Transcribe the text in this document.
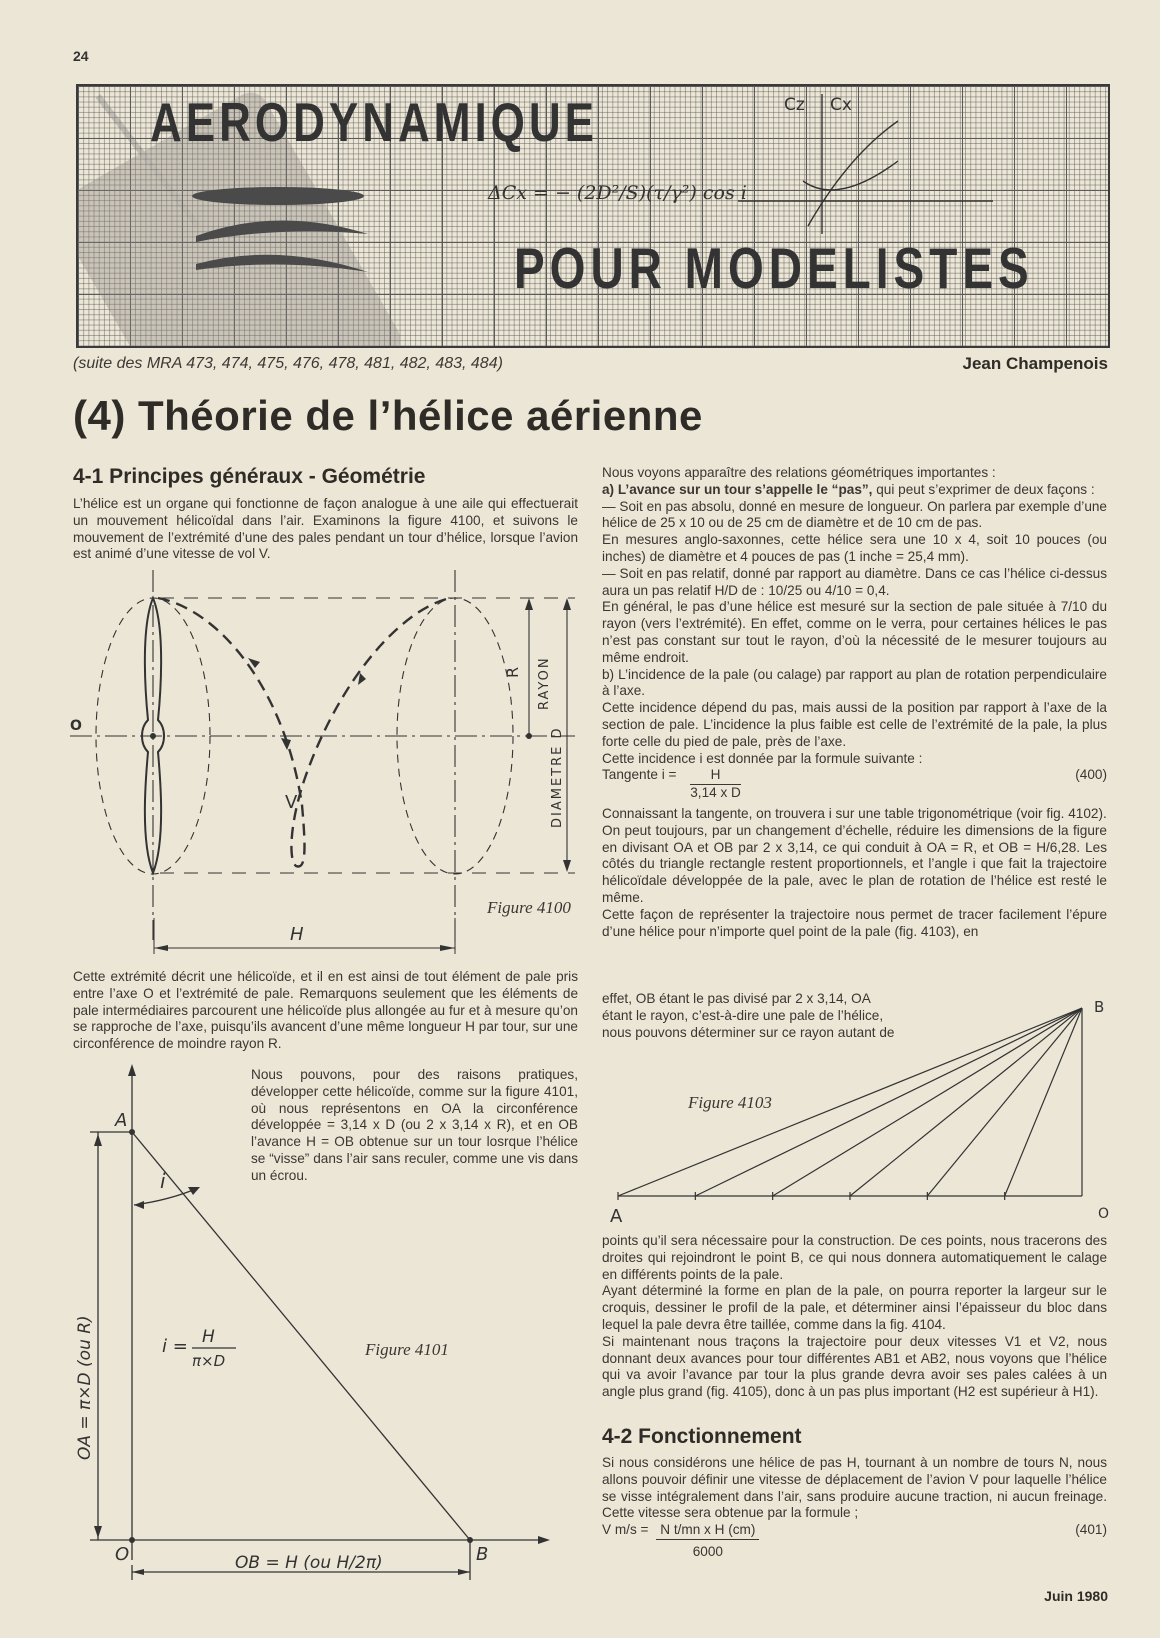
24
AERODYNAMIQUE
POUR MODELISTES
ΔCx = − (2D²/S)(τ/γ²) cos i
Cz Cx
(suite des MRA 473, 474, 475, 476, 478, 481, 482, 483, 484)	Jean Champenois
(4) Théorie de l’hélice aérienne
4-1 Principes généraux - Géométrie
L’hélice est un organe qui fonctionne de façon analogue à une aile qui effectuerait un mouvement hélicoïdal dans l’air. Examinons la figure 4100, et suivons le mouvement de l’extrémité d’une des pales pendant un tour d’hélice, lorsque l’avion est animé d’une vitesse de vol V.
O
V
R RAYON
DIAMETRE D
Figure 4100
H
Cette extrémité décrit une hélicoïde, et il en est ainsi de tout élément de pale pris entre l’axe O et l’extrémité de pale. Remarquons seulement que les éléments de pale intermédiaires parcourent une hélicoïde plus allongée au fur et à mesure qu’on se rapproche de l’axe, puisqu’ils avancent d’une même longueur H par tour, sur une circonférence de moindre rayon R.
Nous pouvons, pour des raisons pratiques, développer cette hélicoïde, comme sur la figure 4101, où nous représentons en OA la circonférence développée = 3,14 x D (ou 2 x 3,14 x R), et en OB l’avance H = OB obtenue sur un tour losrque l’hélice se “visse” dans l’air sans reculer, comme une vis dans un écrou.
A
O	B
i
i = H
π×D
OA = π×D (ou R)
OB = H (ou H/2π)
Figure 4101

Nous voyons apparaître des relations géométriques importantes :

a) L’avance sur un tour s’appelle le “pas”, qui peut s’exprimer de deux façons :

— Soit en pas absolu, donné en mesure de longueur. On parlera par exemple d’une hélice de 25 x 10 ou de 25 cm de diamètre et de 10 cm de pas.

En mesures anglo-saxonnes, cette hélice sera une 10 x 4, soit 10 pouces (ou inches) de diamètre et 4 pouces de pas (1 inche = 25,4 mm).

— Soit en pas relatif, donné par rapport au diamètre. Dans ce cas l’hélice ci-dessus aura un pas relatif H/D de : 10/25 ou 4/10 = 0,4.

En général, le pas d’une hélice est mesuré sur la section de pale située à 7/10 du rayon (vers l’extrémité). En effet, comme on le verra, pour certaines hélices le pas n’est pas constant sur tout le rayon, d’où la nécessité de le mesurer toujours au même endroit.

b) L’incidence de la pale (ou calage) par rapport au plan de rotation perpendiculaire à l’axe.

Cette incidence dépend du pas, mais aussi de la position par rapport à l’axe de la section de pale. L’incidence la plus faible est celle de l’extrémité de la pale, la plus forte celle du pied de pale, près de l’axe.

Cette incidence i est donnée par la formule suivante :

Tangente $i = \frac{H}{\text{3,14 x D}}$	(400)

Connaissant la tangente, on trouvera i sur une table trigonométrique (voir fig. 4102).

On peut toujours, par un changement d’échelle, réduire les dimensions de la figure en divisant OA et OB par 2 x 3,14, ce qui conduit à OA = R, et OB = H/6,28. Les côtés du triangle rectangle restent proportionnels, et l’angle i que fait la trajectoire hélicoïdale développée de la pale, avec le plan de rotation de l’hélice est resté le même.

Cette façon de représenter la trajectoire nous permet de tracer facilement l’épure d’une hélice pour n’importe quel point de la pale (fig. 4103), en

effet, OB étant le pas divisé par 2 x 3,14, OA
étant le rayon, c’est-à-dire une pale de l’hélice,
nous pouvons déterminer sur ce rayon autant de
A	O
B
Figure 4103

points qu’il sera nécessaire pour la construction. De ces points, nous tracerons des droites qui rejoindront le point B, ce qui nous donnera automatiquement le calage en différents points de la pale.

Ayant déterminé la forme en plan de la pale, on pourra reporter la largeur sur le croquis, dessiner le profil de la pale, et déterminer ainsi l’épaisseur du bloc dans lequel la pale devra être taillée, comme dans la fig. 4104.

Si maintenant nous traçons la trajectoire pour deux vitesses V1 et V2, nous donnant deux avances pour tour différentes AB1 et AB2, nous voyons que l’hélice qui va avoir l’avance par tour la plus grande devra avoir ses pales calées à un angle plus grand (fig. 4105), donc à un pas plus important (H2 est supérieur à H1).

4-2 Fonctionnement

Si nous considérons une hélice de pas H, tournant à un nombre de tours N, nous allons pouvoir définir une vitesse de déplacement de l’avion V pour laquelle l’hélice se visse intégralement dans l’air, sans produire aucune traction, ni aucun freinage. Cette vitesse sera obtenue par la formule ;

V $m/s = \frac{\text{N t/mn x H (cm)}}{6000}$	(401)
Juin 1980
